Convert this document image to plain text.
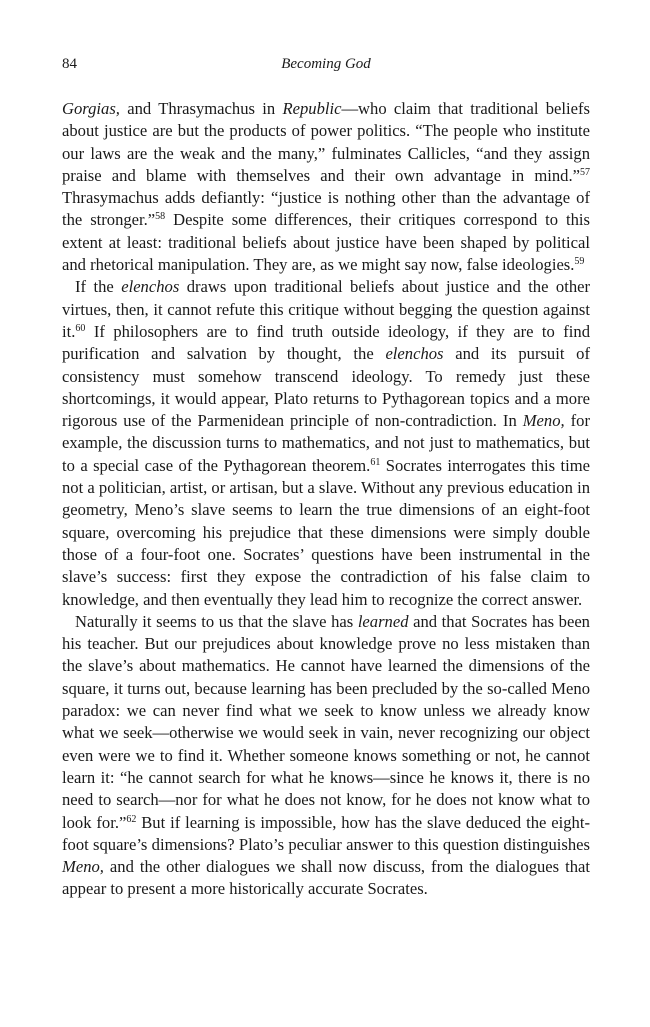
84	Becoming God

Gorgias, and Thrasymachus in Republic—who claim that traditional beliefs about justice are but the products of power politics. “The people who institute our laws are the weak and the many,” fulminates Callicles, “and they assign praise and blame with themselves and their own advantage in mind.”$^{57}$ Thrasymachus adds defiantly: “justice is nothing other than the advantage of the stronger.”$^{58}$ Despite some differences, their critiques correspond to this extent at least: traditional beliefs about justice have been shaped by political and rhetorical manipulation. They are, as we might say now, false ideologies.$^{59}$

If the elenchos draws upon traditional beliefs about justice and the other virtues, then, it cannot refute this critique without begging the question against it.$^{60}$ If philosophers are to find truth outside ideology, if they are to find purification and salvation by thought, the elenchos and its pursuit of consistency must somehow transcend ideology. To remedy just these shortcomings, it would appear, Plato returns to Pythagorean topics and a more rigorous use of the Parmenidean principle of non-contradiction. In Meno, for example, the discussion turns to mathematics, and not just to mathematics, but to a special case of the Pythagorean theorem.$^{61}$ Socrates interrogates this time not a politician, artist, or artisan, but a slave. Without any previous education in geometry, Meno’s slave seems to learn the true dimensions of an eight-foot square, overcoming his prejudice that these dimensions were simply double those of a four-foot one. Socrates’ questions have been instrumental in the slave’s success: first they expose the contradiction of his false claim to knowledge, and then eventually they lead him to recognize the correct answer.

Naturally it seems to us that the slave has learned and that Socrates has been his teacher. But our prejudices about knowledge prove no less mistaken than the slave’s about mathematics. He cannot have learned the dimensions of the square, it turns out, because learning has been precluded by the so-called Meno paradox: we can never find what we seek to know unless we already know what we seek—otherwise we would seek in vain, never recognizing our object even were we to find it. Whether someone knows something or not, he cannot learn it: “he cannot search for what he knows—since he knows it, there is no need to search—nor for what he does not know, for he does not know what to look for.”$^{62}$ But if learning is impossible, how has the slave deduced the eight-foot square’s dimensions? Plato’s peculiar answer to this question distinguishes Meno, and the other dialogues we shall now discuss, from the dialogues that appear to present a more historically accurate Socrates.
